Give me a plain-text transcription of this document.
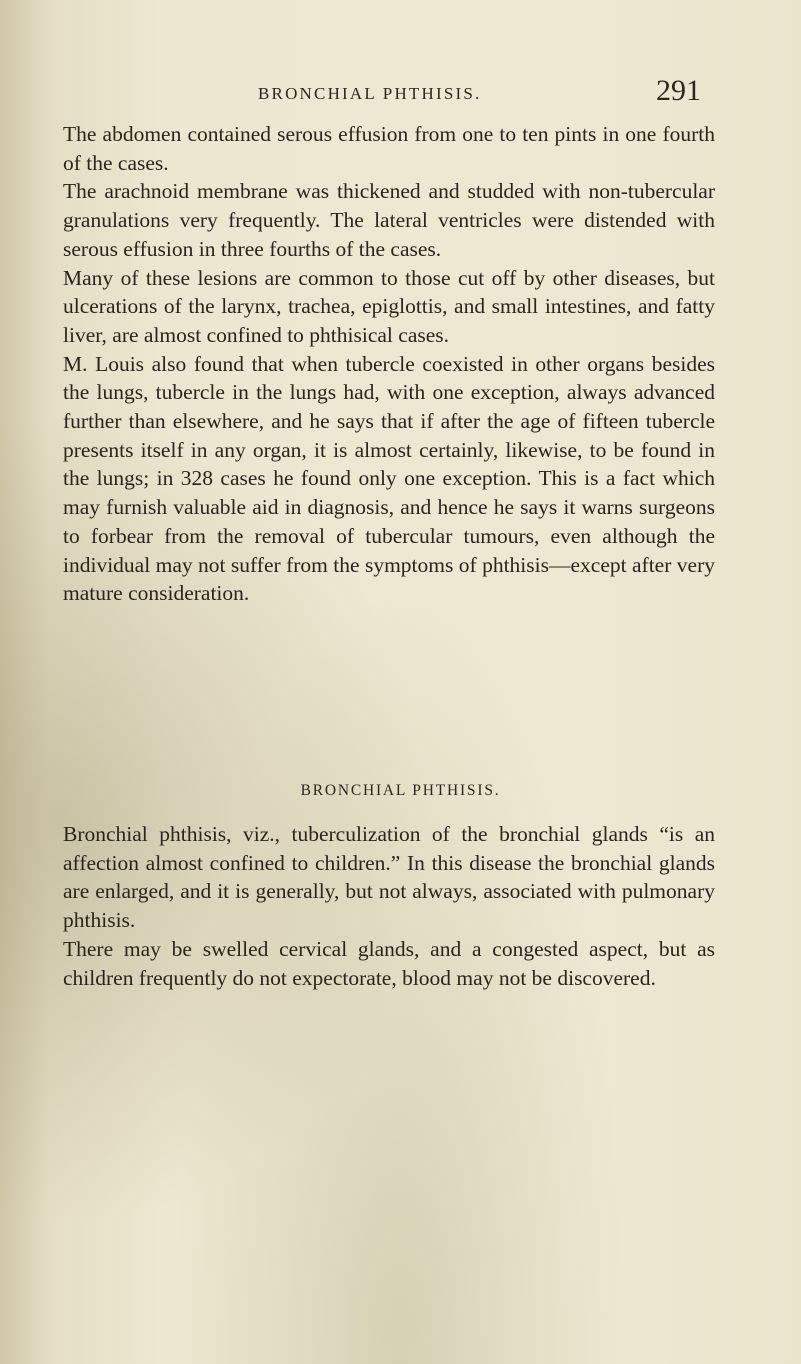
BRONCHIAL PHTHISIS.	291

The abdomen contained serous effusion from one to ten pints in one fourth of the cases.

The arachnoid membrane was thickened and studded with non-tubercular granulations very frequently. The lateral ventricles were distended with serous effusion in three fourths of the cases.

Many of these lesions are common to those cut off by other diseases, but ulcerations of the larynx, trachea, epiglottis, and small intestines, and fatty liver, are almost confined to phthisical cases.

M. Louis also found that when tubercle coexisted in other organs besides the lungs, tubercle in the lungs had, with one exception, always advanced further than elsewhere, and he says that if after the age of fifteen tubercle presents itself in any organ, it is almost certainly, likewise, to be found in the lungs; in 328 cases he found only one exception. This is a fact which may furnish valuable aid in diagnosis, and hence he says it warns surgeons to forbear from the removal of tubercular tumours, even although the individual may not suffer from the symptoms of phthisis—except after very mature consideration.

BRONCHIAL PHTHISIS.

Bronchial phthisis, viz., tuberculization of the bronchial glands “is an affection almost confined to children.” In this disease the bronchial glands are enlarged, and it is generally, but not always, associated with pulmonary phthisis.

There may be swelled cervical glands, and a congested aspect, but as children frequently do not expectorate, blood may not be discovered.
